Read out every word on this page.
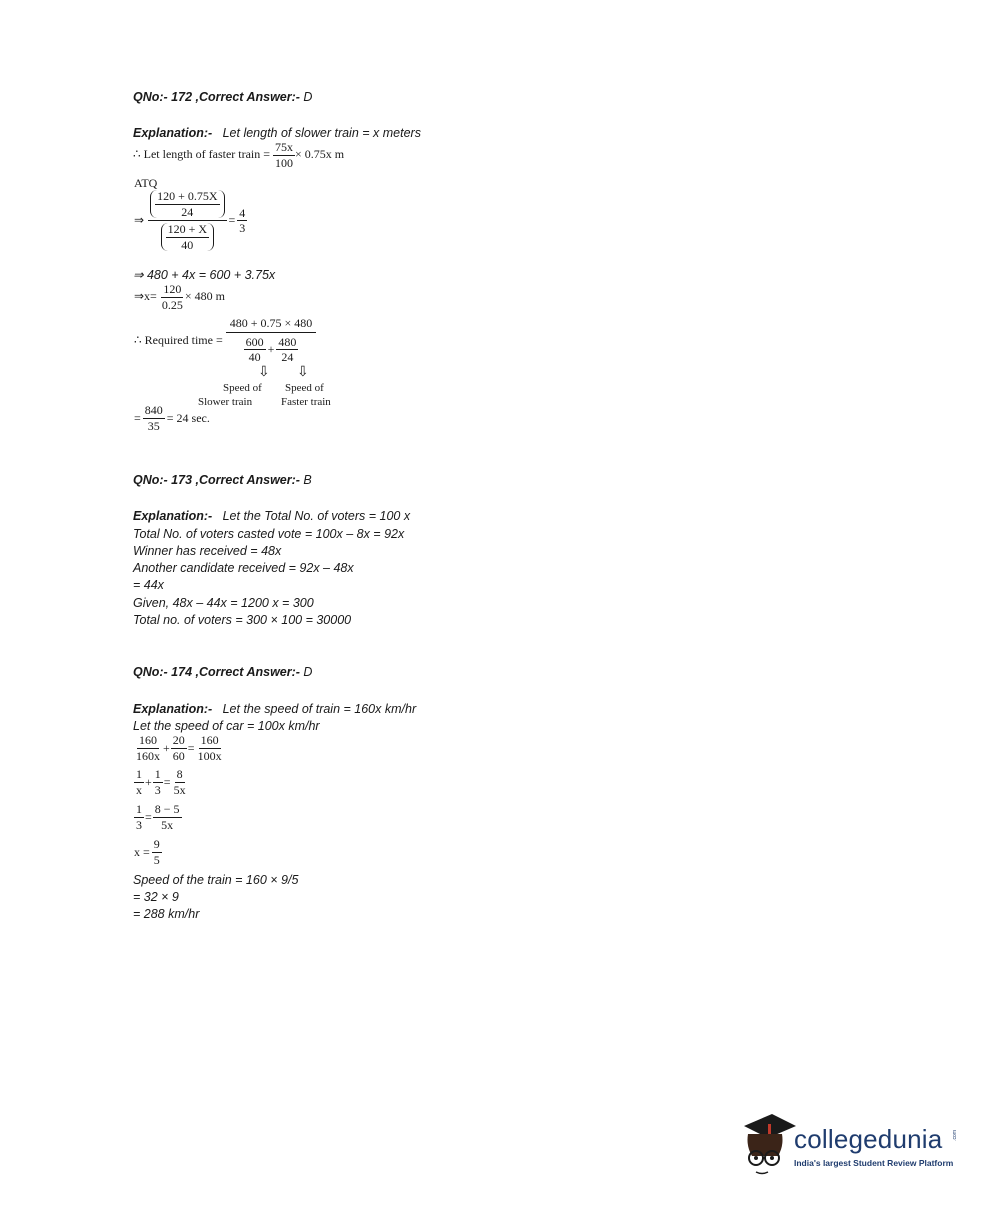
QNo:- 172 ,Correct Answer:- D
Explanation:- Let length of slower train = x meters
∴ Let length of faster train = $\frac{75x}{100} \times 0.75x$ m
ATQ
⇒ $\frac{\frac{120 + 0.75X}{24}}{\frac{120 + X}{40}} = \frac{4}{3}$
⇒ 480 + 4x = 600 + 3.75x
⇒x= $\frac{120}{0.25} \times 480$ m
∴ Required time = $\frac{480 + 0.75 \times 480}{\frac{600}{40} + \frac{480}{24}}$
⇩ ⇩
Speed of
Slower train
Speed of
Faster train
= $\frac{840}{35} = 24$ sec.
QNo:- 173 ,Correct Answer:- B
Explanation:- Let the Total No. of voters = 100 x
Total No. of voters casted vote = 100x – 8x = 92x
Winner has received = 48x
Another candidate received = 92x – 48x
= 44x
Given, 48x – 44x = 1200 x = 300
Total no. of voters = 300 × 100 = 30000
QNo:- 174 ,Correct Answer:- D
Explanation:- Let the speed of train = 160x km/hr
Let the speed of car = 100x km/hr
$\frac{160}{160x} + \frac{20}{60} = \frac{160}{100x}$
$\frac{1}{x} + \frac{1}{3} = \frac{8}{5x}$
$\frac{1}{3} = \frac{8 - 5}{5x}$
$x = \frac{9}{5}$
Speed of the train = 160 × 9/5
= 32 × 9
= 288 km/hr
collegedunia .com
India's largest Student Review Platform
